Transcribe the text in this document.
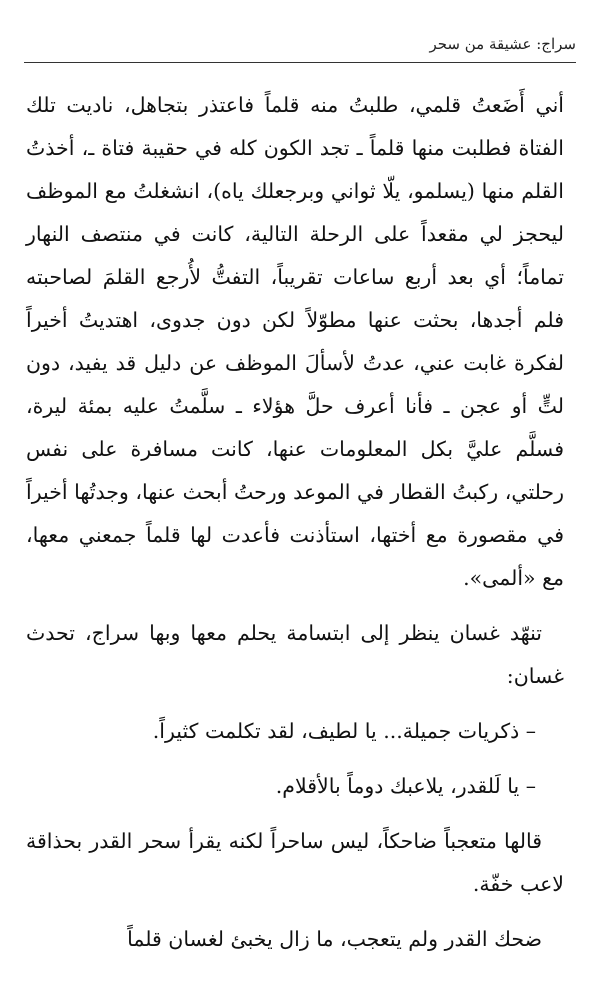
سراج: عشيقة من سحر

أني أَضَعتُ قلمي، طلبتُ منه قلماً فاعتذر بتجاهل، ناديت تلك الفتاة فطلبت منها قلماً ـ تجد الكون كله في حقيبة فتاة ـ، أخذتُ القلم منها (يسلمو، يلّا ثواني وبرجعلك ياه)، انشغلتُ مع الموظف ليحجز لي مقعداً على الرحلة التالية، كانت في منتصف النهار تماماً؛ أي بعد أربع ساعات تقريباً، التفتُّ لأُرجع القلمَ لصاحبته فلم أجدها، بحثت عنها مطوّلاً لكن دون جدوى، اهتديتُ أخيراً لفكرة غابت عني، عدتُ لأسألَ الموظف عن دليل قد يفيد، دون لتٍّ أو عجن ـ فأنا أعرف حلَّ هؤلاء ـ سلَّمتُ عليه بمئة ليرة، فسلَّم عليَّ بكل المعلومات عنها، كانت مسافرة على نفس رحلتي، ركبتُ القطار في الموعد ورحتُ أبحث عنها، وجدتُها أخيراً في مقصورة مع أختها، استأذنت فأعدت لها قلماً جمعني معها، مع «ألمى».

تنهّد غسان ينظر إلى ابتسامة يحلم معها وبها سراج، تحدث غسان:

– ذكريات جميلة... يا لطيف، لقد تكلمت كثيراً.

– يا لَلقدر، يلاعبك دوماً بالأقلام.

قالها متعجباً ضاحكاً، ليس ساحراً لكنه يقرأ سحر القدر بحذاقة لاعب خفّة.

ضحك القدر ولم يتعجب، ما زال يخبئ لغسان قلماً
